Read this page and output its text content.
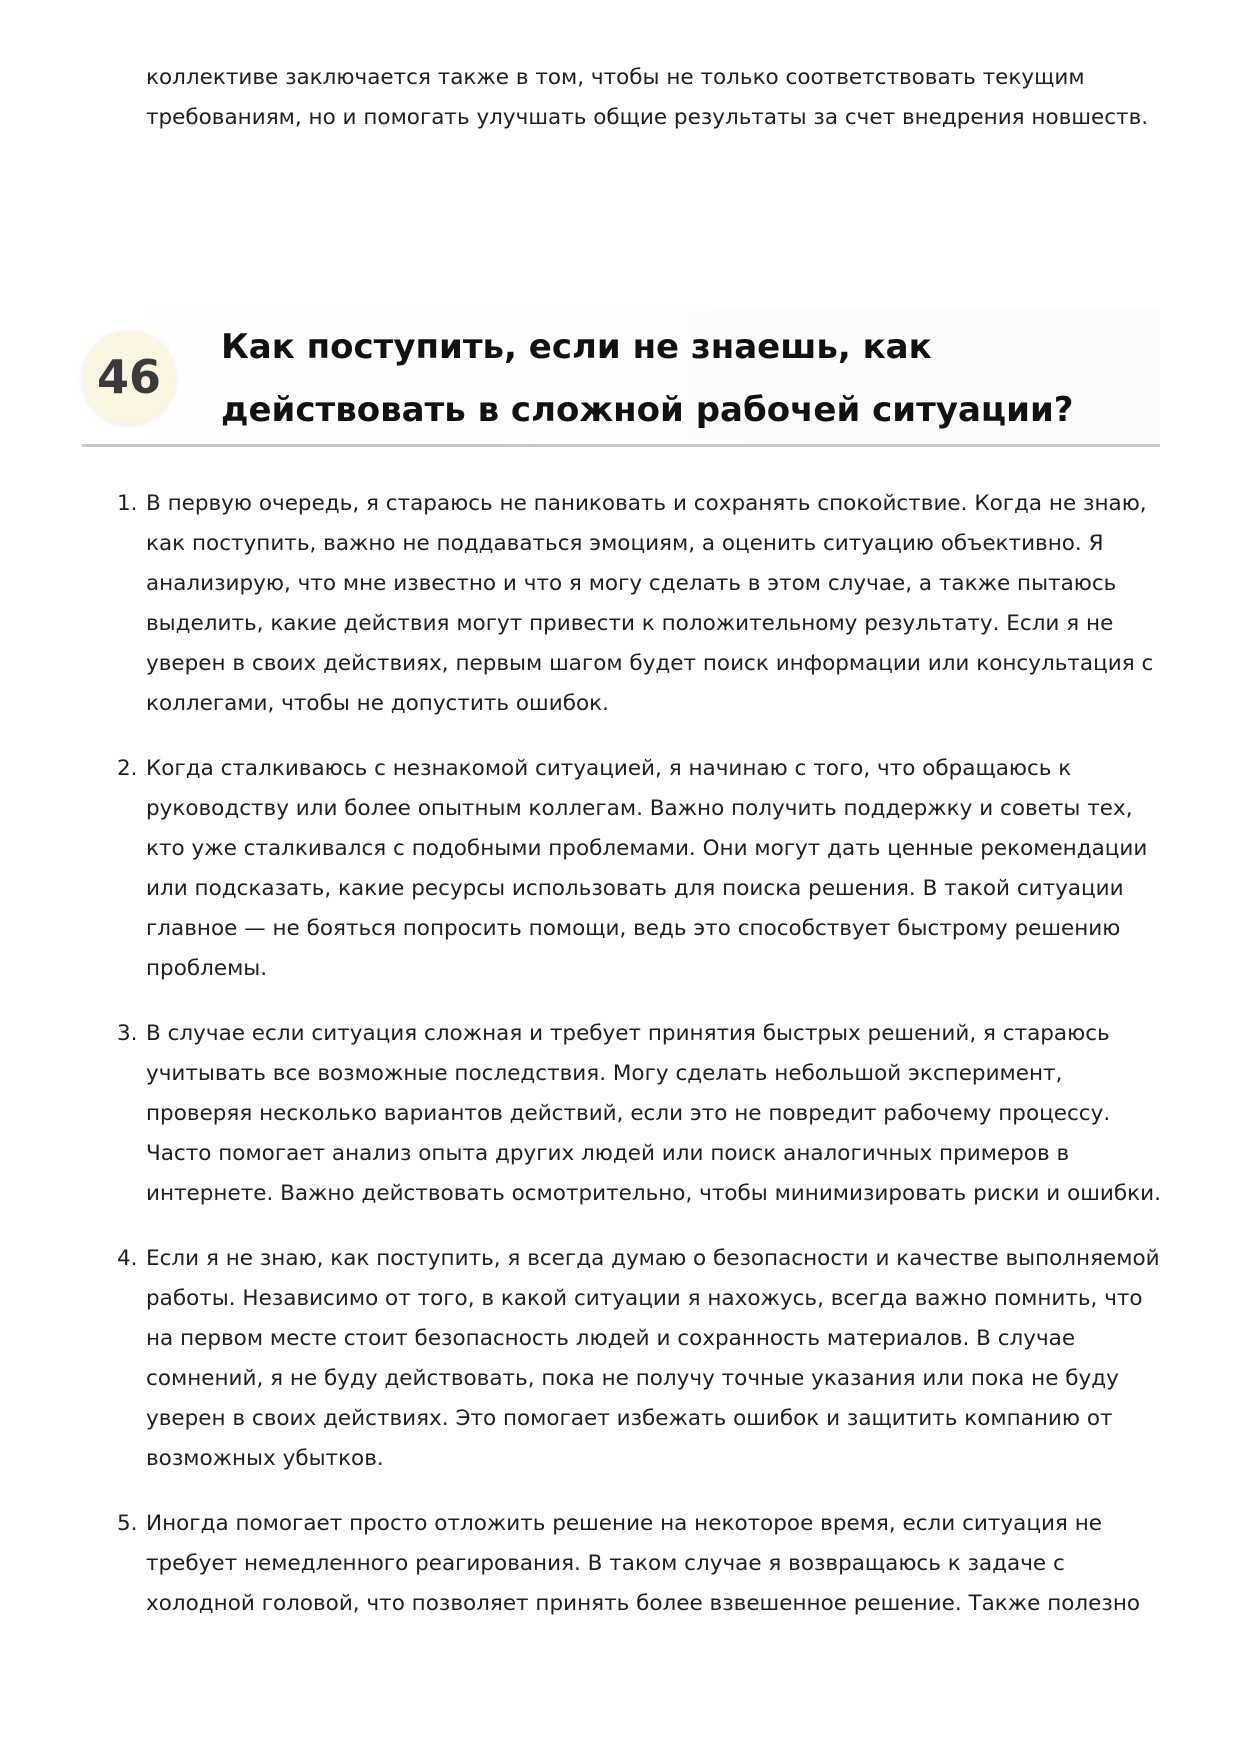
коллективе заключается также в том, чтобы не только соответствовать текущим требованиям, но и помогать улучшать общие результаты за счет внедрения новшеств.

46
Как поступить, если не знаешь, как действовать в сложной рабочей ситуации?
1. В первую очередь, я стараюсь не паниковать и сохранять спокойствие. Когда не знаю, как поступить, важно не поддаваться эмоциям, а оценить ситуацию объективно. Я анализирую, что мне известно и что я могу сделать в этом случае, а также пытаюсь выделить, какие действия могут привести к положительному результату. Если я не уверен в своих действиях, первым шагом будет поиск информации или консультация с коллегами, чтобы не допустить ошибок.
2. Когда сталкиваюсь с незнакомой ситуацией, я начинаю с того, что обращаюсь к руководству или более опытным коллегам. Важно получить поддержку и советы тех, кто уже сталкивался с подобными проблемами. Они могут дать ценные рекомендации или подсказать, какие ресурсы использовать для поиска решения. В такой ситуации главное — не бояться попросить помощи, ведь это способствует быстрому решению проблемы.
3. В случае если ситуация сложная и требует принятия быстрых решений, я стараюсь учитывать все возможные последствия. Могу сделать небольшой эксперимент, проверяя несколько вариантов действий, если это не повредит рабочему процессу. Часто помогает анализ опыта других людей или поиск аналогичных примеров в интернете. Важно действовать осмотрительно, чтобы минимизировать риски и ошибки.
4. Если я не знаю, как поступить, я всегда думаю о безопасности и качестве выполняемой работы. Независимо от того, в какой ситуации я нахожусь, всегда важно помнить, что на первом месте стоит безопасность людей и сохранность материалов. В случае сомнений, я не буду действовать, пока не получу точные указания или пока не буду уверен в своих действиях. Это помогает избежать ошибок и защитить компанию от возможных убытков.
5. Иногда помогает просто отложить решение на некоторое время, если ситуация не требует немедленного реагирования. В таком случае я возвращаюсь к задаче с холодной головой, что позволяет принять более взвешенное решение. Также полезно
